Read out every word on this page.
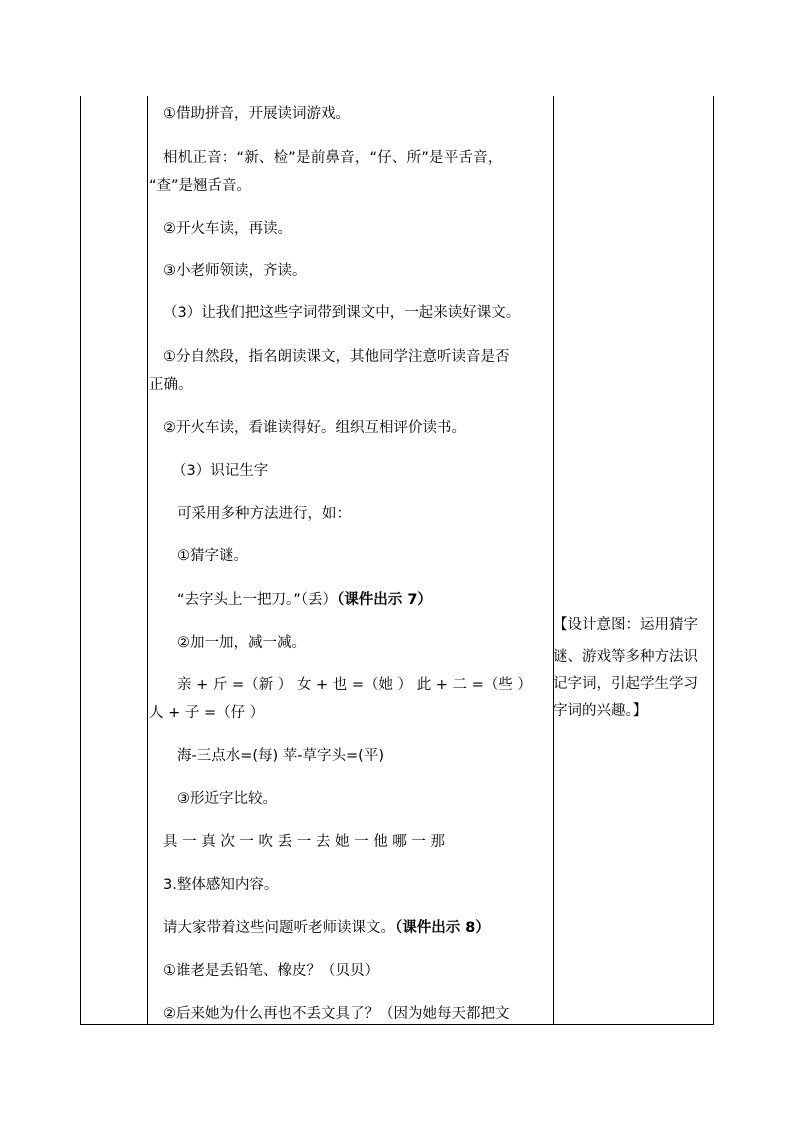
①借助拼音，开展读词游戏。
相机正音：“新、检”是前鼻音，“仔、所”是平舌音，
“查”是翘舌音。
②开火车读，再读。
③小老师领读，齐读。
（3）让我们把这些字词带到课文中，一起来读好课文。
①分自然段，指名朗读课文，其他同学注意听读音是否
正确。
②开火车读，看谁读得好。组织互相评价读书。
（3）识记生字
可采用多种方法进行，如：
①猜字谜。
“去字头上一把刀。”（丢）（课件出示 7）
②加一加，减一减。
亲 + 斤 =（新 ） 女 + 也 =（她 ） 此 + 二 =（些 ）
人 + 子 =（仔 ）
海-三点水=(每) 苹-草字头=(平)
③形近字比较。
具 一 真 次 一 吹 丢 一 去 她 一 他 哪 一 那
3.整体感知内容。
请大家带着这些问题听老师读课文。（课件出示 8）
①谁老是丢铅笔、橡皮？（贝贝）
②后来她为什么再也不丢文具了？（因为她每天都把文
【设计意图：运用猜字
谜、游戏等多种方法识
记字词，引起学生学习
字词的兴趣。】
